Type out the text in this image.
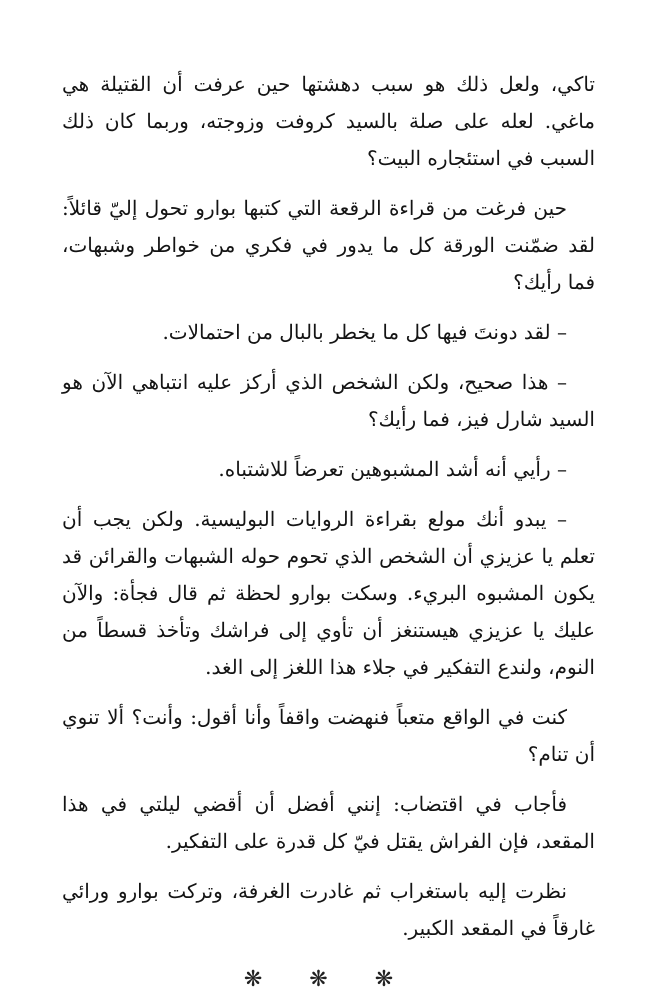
تاكي، ولعل ذلك هو سبب دهشتها حين عرفت أن القتيلة هي ماغي. لعله على صلة بالسيد كروفت وزوجته، وربما كان ذلك السبب في استئجاره البيت؟

حين فرغت من قراءة الرقعة التي كتبها بوارو تحول إليّ قائلاً: لقد ضمّنت الورقة كل ما يدور في فكري من خواطر وشبهات، فما رأيك؟

– لقد دونتَ فيها كل ما يخطر بالبال من احتمالات.

– هذا صحيح، ولكن الشخص الذي أركز عليه انتباهي الآن هو السيد شارل فيز، فما رأيك؟

– رأيي أنه أشد المشبوهين تعرضاً للاشتباه.

– يبدو أنك مولع بقراءة الروايات البوليسية. ولكن يجب أن تعلم يا عزيزي أن الشخص الذي تحوم حوله الشبهات والقرائن قد يكون المشبوه البريء. وسكت بوارو لحظة ثم قال فجأة: والآن عليك يا عزيزي هيستنغز أن تأوي إلى فراشك وتأخذ قسطاً من النوم، ولندع التفكير في جلاء هذا اللغز إلى الغد.

كنت في الواقع متعباً فنهضت واقفاً وأنا أقول: وأنت؟ ألا تنوي أن تنام؟

فأجاب في اقتضاب: إنني أفضل أن أقضي ليلتي في هذا المقعد، فإن الفراش يقتل فيّ كل قدرة على التفكير.

نظرت إليه باستغراب ثم غادرت الغرفة، وتركت بوارو ورائي غارقاً في المقعد الكبير.

❋ ❋ ❋
